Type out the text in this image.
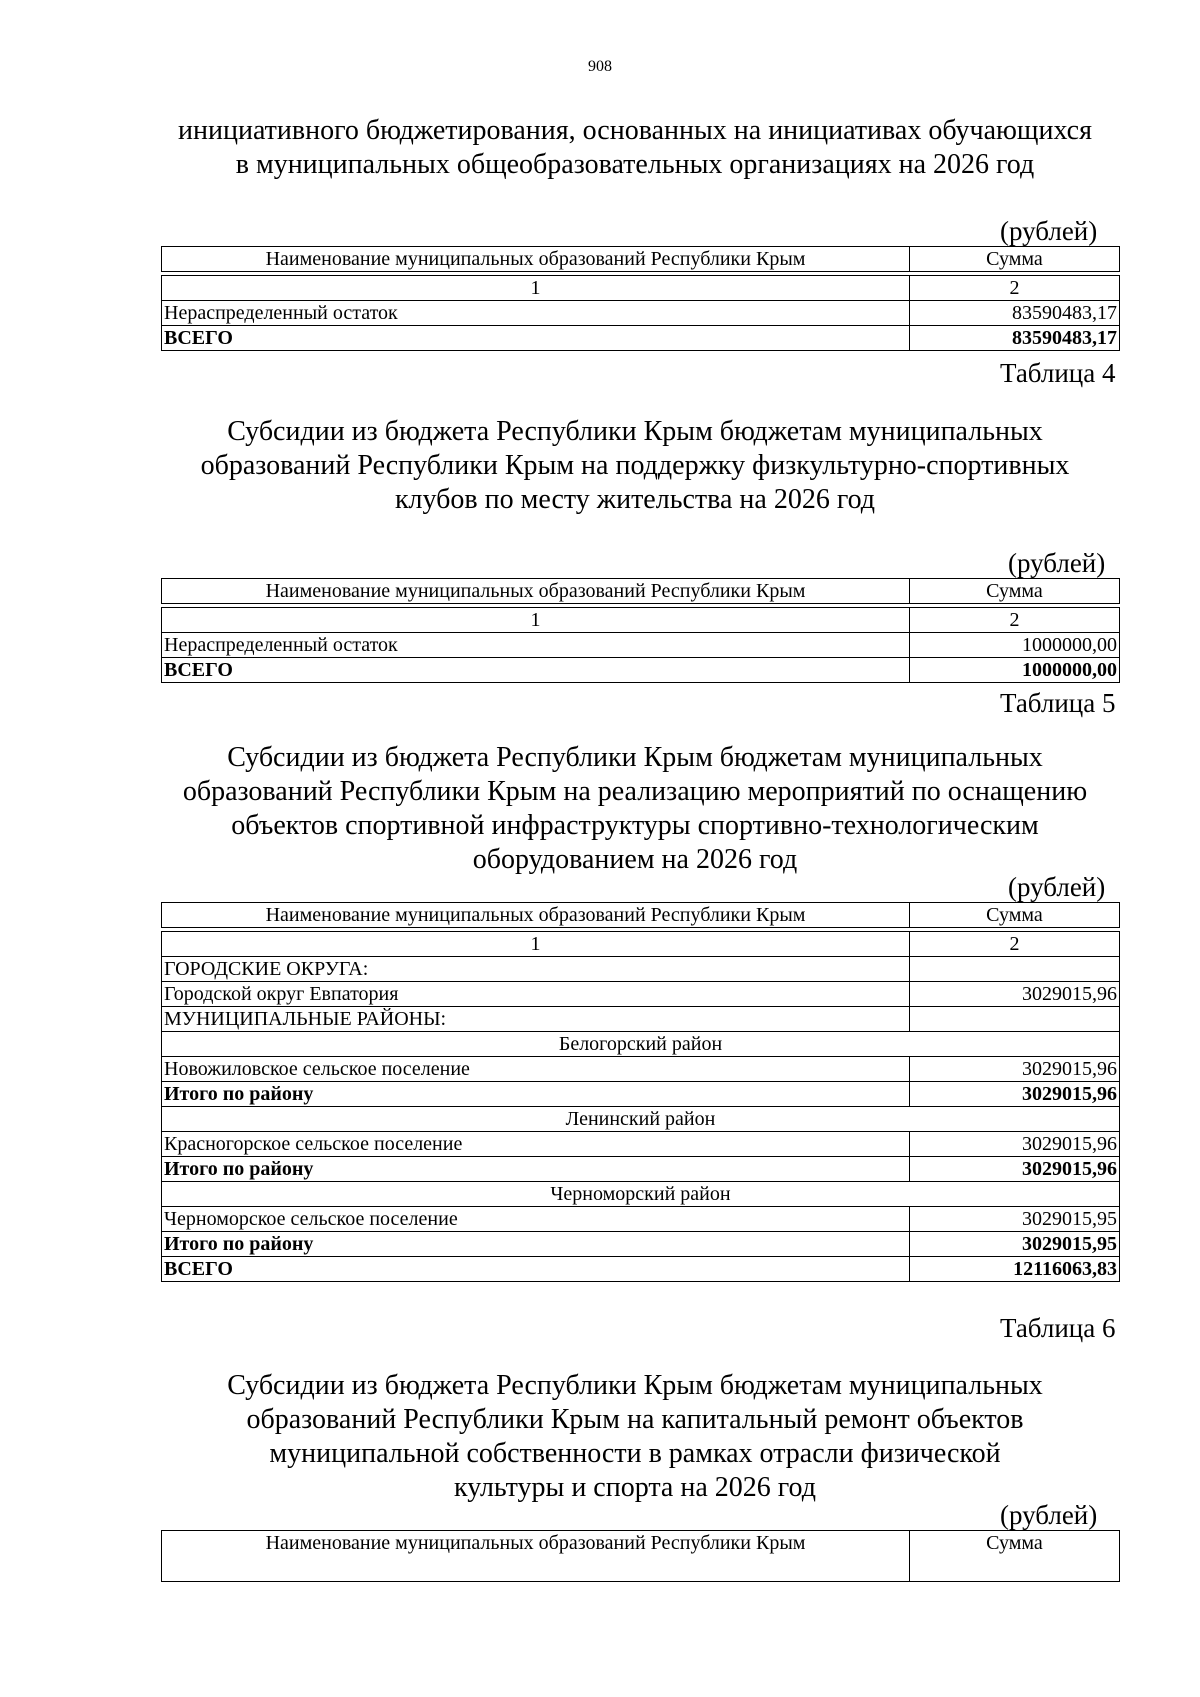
908
инициативного бюджетирования, основанных на инициативах обучающихся
в муниципальных общеобразовательных организациях на 2026 год
(рублей)
Наименование муниципальных образований Республики Крым	Сумма

1	2
Нераспределенный остаток	83590483,17
ВСЕГО	83590483,17
Таблица 4
Субсидии из бюджета Республики Крым бюджетам муниципальных
образований Республики Крым на поддержку физкультурно-спортивных
клубов по месту жительства на 2026 год
(рублей)
Наименование муниципальных образований Республики Крым	Сумма

1	2
Нераспределенный остаток	1000000,00
ВСЕГО	1000000,00
Таблица 5
Субсидии из бюджета Республики Крым бюджетам муниципальных
образований Республики Крым на реализацию мероприятий по оснащению
объектов спортивной инфраструктуры спортивно-технологическим
оборудованием на 2026 год
(рублей)
Наименование муниципальных образований Республики Крым	Сумма

1	2
ГОРОДСКИЕ ОКРУГА:	
Городской округ Евпатория	3029015,96
МУНИЦИПАЛЬНЫЕ РАЙОНЫ:	
Белогорский район	
Новожиловское сельское поселение	3029015,96
Итого по району	3029015,96
Ленинский район	
Красногорское сельское поселение	3029015,96
Итого по району	3029015,96
Черноморский район	
Черноморское сельское поселение	3029015,95
Итого по району	3029015,95
ВСЕГО	12116063,83
Таблица 6
Субсидии из бюджета Республики Крым бюджетам муниципальных
образований Республики Крым на капитальный ремонт объектов
муниципальной собственности в рамках отрасли физической
культуры и спорта на 2026 год
(рублей)
Наименование муниципальных образований Республики Крым	Сумма
